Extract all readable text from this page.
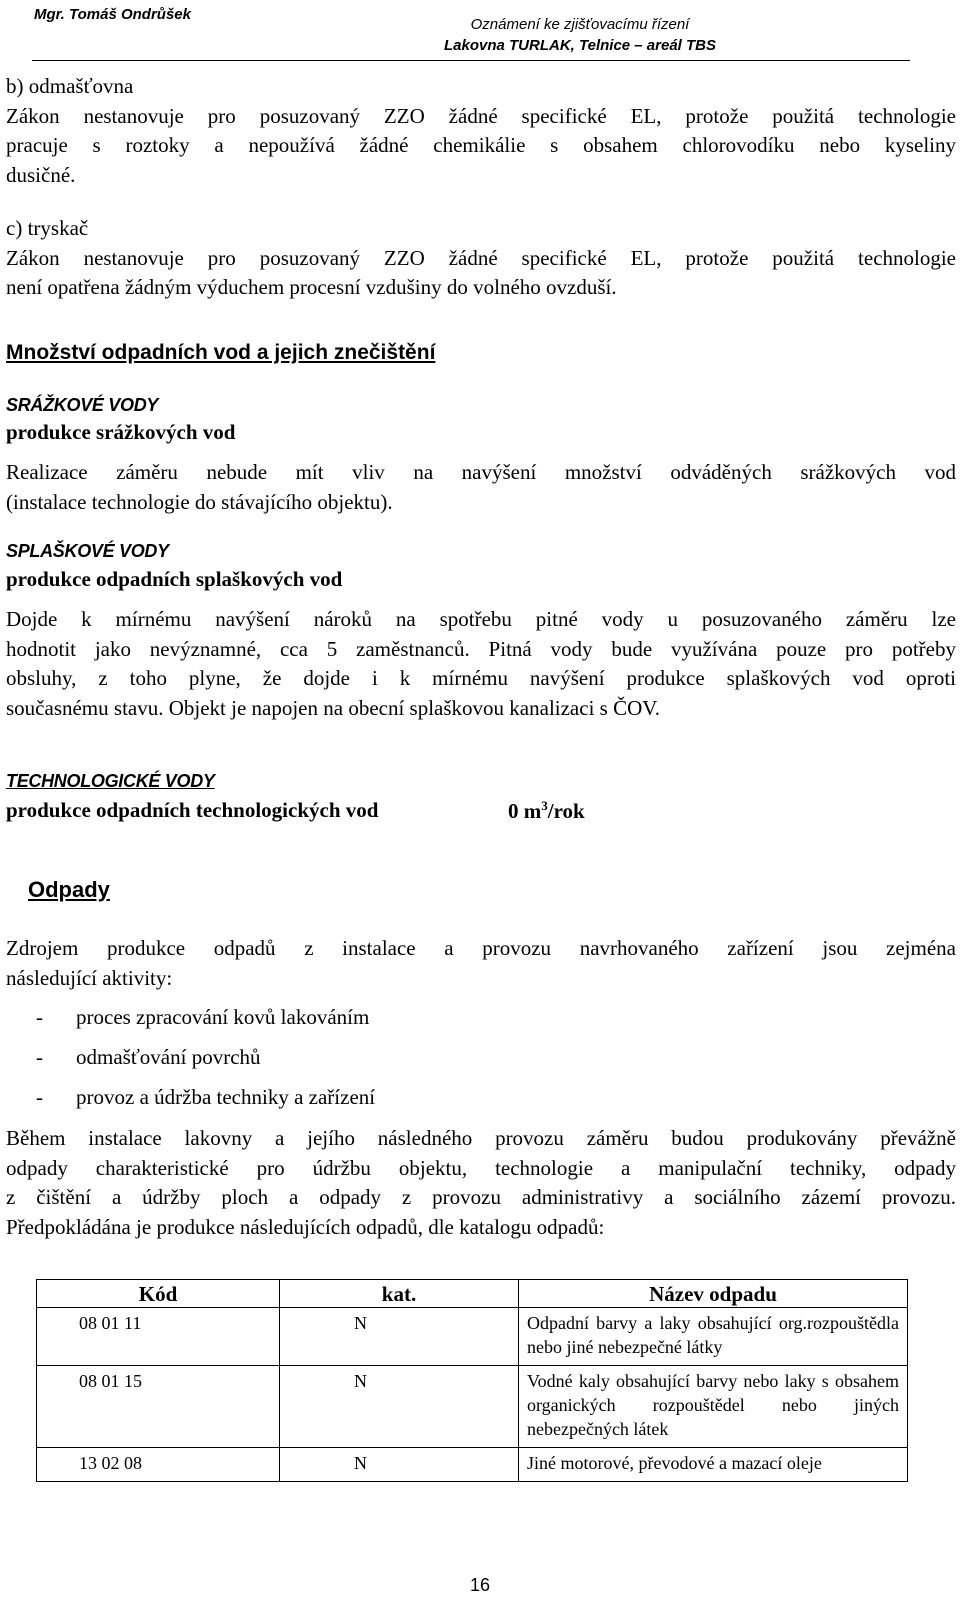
Mgr. Tomáš Ondrůšek
Oznámení ke zjišťovacímu řízení
Lakovna TURLAK, Telnice – areál TBS
b) odmašťovna
Zákon nestanovuje pro posuzovaný ZZO žádné specifické EL, protože použitá technologie
pracuje s roztoky a nepoužívá žádné chemikálie s obsahem chlorovodíku nebo kyseliny
dusičné.
c) tryskač
Zákon nestanovuje pro posuzovaný ZZO žádné specifické EL, protože použitá technologie
není opatřena žádným výduchem procesní vzdušiny do volného ovzduší.
Množství odpadních vod a jejich znečištění
SRÁŽKOVÉ VODY
produkce srážkových vod
Realizace záměru nebude mít vliv na navýšení množství odváděných srážkových vod
(instalace technologie do stávajícího objektu).
SPLAŠKOVÉ VODY
produkce odpadních splaškových vod
Dojde k mírnému navýšení nároků na spotřebu pitné vody u posuzovaného záměru lze
hodnotit jako nevýznamné, cca 5 zaměstnanců. Pitná vody bude využívána pouze pro potřeby
obsluhy, z toho plyne, že dojde i k mírnému navýšení produkce splaškových vod oproti
současnému stavu. Objekt je napojen na obecní splaškovou kanalizaci s ČOV.
TECHNOLOGICKÉ VODY
produkce odpadních technologických vod	0 $m^3$/rok
Odpady
Zdrojem produkce odpadů z instalace a provozu navrhovaného zařízení jsou zejména
následující aktivity:
- proces zpracování kovů lakováním
- odmašťování povrchů
- provoz a údržba techniky a zařízení
Během instalace lakovny a jejího následného provozu záměru budou produkovány převážně
odpady charakteristické pro údržbu objektu, technologie a manipulační techniky, odpady
z čištění a údržby ploch a odpady z provozu administrativy a sociálního zázemí provozu.
Předpokládána je produkce následujících odpadů, dle katalogu odpadů:
Kód	kat.	Název odpadu
08 01 11	N	Odpadní barvy a laky obsahující org.rozpouštědla nebo jiné nebezpečné látky
08 01 15	N	Vodné kaly obsahující barvy nebo laky s obsahem organických rozpouštědel nebo jiných nebezpečných látek
13 02 08	N	Jiné motorové, převodové a mazací oleje
16
